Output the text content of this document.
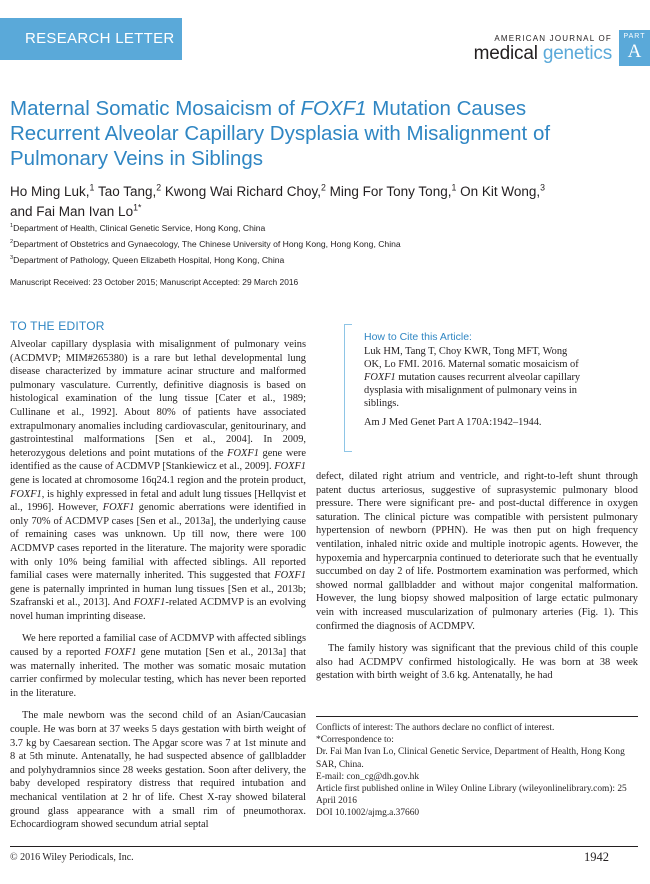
RESEARCH LETTER	AMERICAN JOURNAL OF
medical genetics
PART
A
Maternal Somatic Mosaicism of FOXF1 Mutation Causes Recurrent Alveolar Capillary Dysplasia with Misalignment of Pulmonary Veins in Siblings
Ho Ming Luk,$^1$ Tao Tang,$^2$ Kwong Wai Richard Choy,$^2$ Ming For Tony Tong,$^1$ On Kit Wong,$^3$ and Fai Man Ivan $Lo^{1*}$
$^1$Department of Health, Clinical Genetic Service, Hong Kong, China
$^2$Department of Obstetrics and Gynaecology, The Chinese University of Hong Kong, Hong Kong, China
$^3$Department of Pathology, Queen Elizabeth Hospital, Hong Kong, China
Manuscript Received: 23 October 2015; Manuscript Accepted: 29 March 2016
TO THE EDITOR

Alveolar capillary dysplasia with misalignment of pulmonary veins (ACDMVP; MIM#265380) is a rare but lethal developmental lung disease characterized by immature acinar structure and malformed pulmonary vasculature. Currently, definitive diagnosis is based on histological examination of the lung tissue [Cater et al., 1989; Cullinane et al., 1992]. About 80% of patients have associated extrapulmonary anomalies including cardiovascular, genitourinary, and gastrointestinal malformations [Sen et al., 2004]. In 2009, heterozygous deletions and point mutations of the FOXF1 gene were identified as the cause of ACDMVP [Stankiewicz et al., 2009]. FOXF1 gene is located at chromosome 16q24.1 region and the protein product, FOXF1, is highly expressed in fetal and adult lung tissues [Hellqvist et al., 1996]. However, FOXF1 genomic aberrations were identified in only 70% of ACDMVP cases [Sen et al., 2013a], the underlying cause of remaining cases was unknown. Up till now, there were 100 ACDMVP cases reported in the literature. The majority were sporadic with only 10% being familial with affected siblings. All reported familial cases were maternally inherited. This suggested that FOXF1 gene is paternally imprinted in human lung tissues [Sen et al., 2013b; Szafranski et al., 2013]. And FOXF1-related ACDMVP is an evolving novel human imprinting disease.

We here reported a familial case of ACDMVP with affected siblings caused by a reported FOXF1 gene mutation [Sen et al., 2013a] that was maternally inherited. The mother was somatic mosaic mutation carrier confirmed by molecular testing, which has never been reported in the literature.

The male newborn was the second child of an Asian/Caucasian couple. He was born at 37 weeks 5 days gestation with birth weight of 3.7 kg by Caesarean section. The Apgar score was 7 at 1st minute and 8 at 5th minute. Antenatally, he had suspected absence of gallbladder and polyhydramnios since 28 weeks gestation. Soon after delivery, the baby developed respiratory distress that required intubation and mechanical ventilation at 2 hr of life. Chest X-ray showed bilateral ground glass appearance with a small rim of pneumothorax. Echocardiogram showed secundum atrial septal

How to Cite this Article:

Luk HM, Tang T, Choy KWR, Tong MFT, Wong OK, Lo FMI. 2016. Maternal somatic mosaicism of FOXF1 mutation causes recurrent alveolar capillary dysplasia with misalignment of pulmonary veins in siblings.

Am J Med Genet Part A 170A:1942–1944.

defect, dilated right atrium and ventricle, and right-to-left shunt through patent ductus arteriosus, suggestive of suprasystemic pulmonary blood pressure. There were significant pre- and post-ductal difference in oxygen saturation. The clinical picture was compatible with persistent pulmonary hypertension of newborn (PPHN). He was then put on high frequency ventilation, inhaled nitric oxide and multiple inotropic agents. However, the hypoxemia and hypercarpnia continued to deteriorate such that he eventually succumbed on day 2 of life. Postmortem examination was performed, which showed normal gallbladder and without major congenital malformation. However, the lung biopsy showed malposition of large ectatic pulmonary vein with increased muscularization of pulmonary arteries (Fig. 1). This confirmed the diagnosis of ACDMPV.

The family history was significant that the previous child of this couple also had ACDMPV confirmed histologically. He was born at 38 week gestation with birth weight of 3.6 kg. Antenatally, he had

Conflicts of interest: The authors declare no conflict of interest.
*Correspondence to:
Dr. Fai Man Ivan Lo, Clinical Genetic Service, Department of Health, Hong Kong SAR, China.
E-mail: con_cg@dh.gov.hk
Article first published online in Wiley Online Library (wileyonlinelibrary.com): 25 April 2016
DOI 10.1002/ajmg.a.37660
© 2016 Wiley Periodicals, Inc.	1942
